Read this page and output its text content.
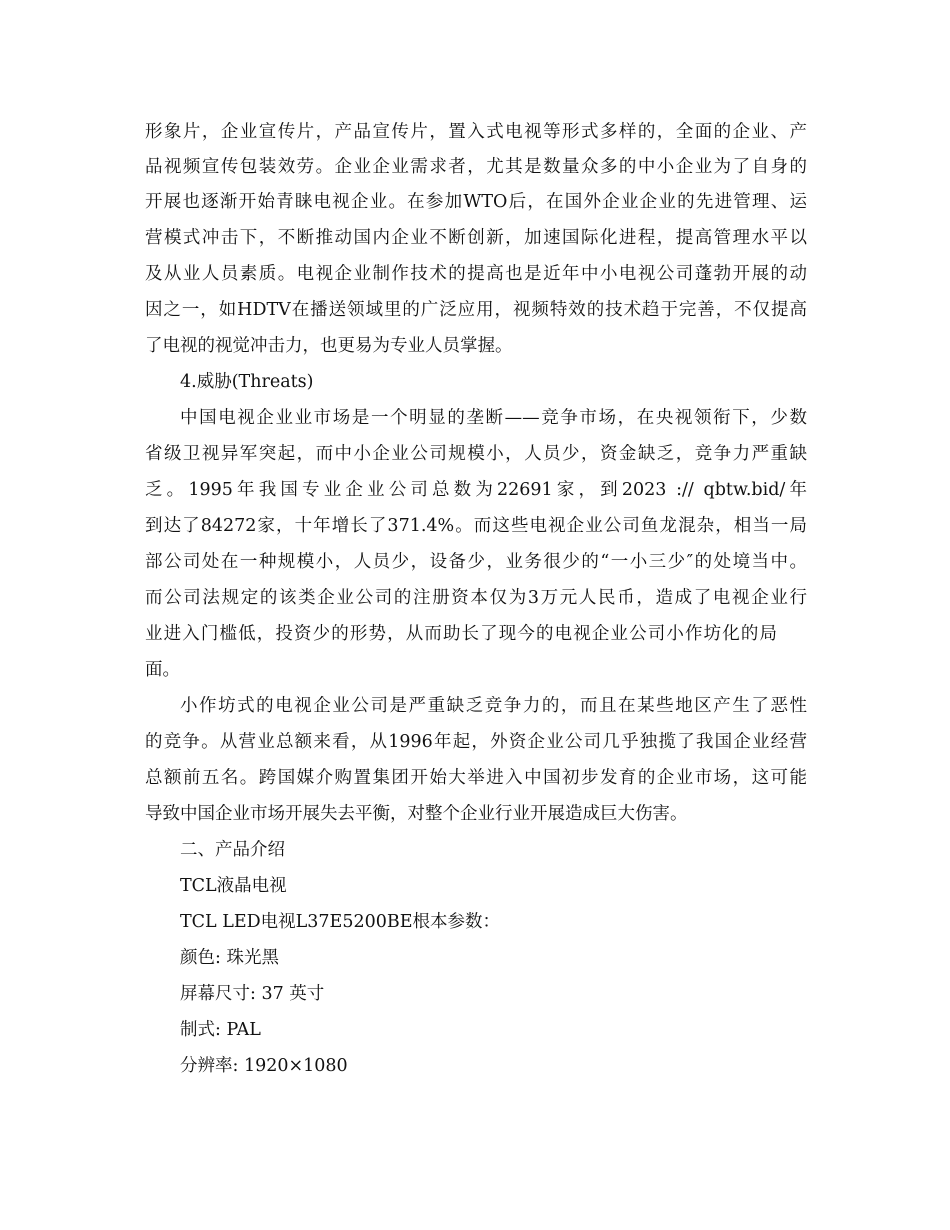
形象片，企业宣传片，产品宣传片，置入式电视等形式多样的，全面的企业、产
品视频宣传包装效劳。企业企业需求者，尤其是数量众多的中小企业为了自身的
开展也逐渐开始青睐电视企业。在参加WTO后，在国外企业企业的先进管理、运
营模式冲击下，不断推动国内企业不断创新，加速国际化进程，提高管理水平以
及从业人员素质。电视企业制作技术的提高也是近年中小电视公司蓬勃开展的动
因之一，如HDTV在播送领域里的广泛应用，视频特效的技术趋于完善，不仅提高
了电视的视觉冲击力，也更易为专业人员掌握。
4.威胁(Threats)
中国电视企业业市场是一个明显的垄断——竞争市场，在央视领衔下，少数
省级卫视异军突起，而中小企业公司规模小，人员少，资金缺乏，竞争力严重缺
乏。1995年我国专业企业公司总数为22691家，到2023 :// qbtw.bid/年
到达了84272家，十年增长了371.4%。而这些电视企业公司鱼龙混杂，相当一局
部公司处在一种规模小，人员少，设备少，业务很少的“一小三少″的处境当中。
而公司法规定的该类企业公司的注册资本仅为3万元人民币，造成了电视企业行
业进入门槛低，投资少的形势，从而助长了现今的电视企业公司小作坊化的局
面。
小作坊式的电视企业公司是严重缺乏竞争力的，而且在某些地区产生了恶性
的竞争。从营业总额来看，从1996年起，外资企业公司几乎独揽了我国企业经营
总额前五名。跨国媒介购置集团开始大举进入中国初步发育的企业市场，这可能
导致中国企业市场开展失去平衡，对整个企业行业开展造成巨大伤害。
二、产品介绍
TCL液晶电视
TCL LED电视L37E5200BE根本参数：
颜色: 珠光黑
屏幕尺寸: 37 英寸
制式: PAL
分辨率: 1920×1080
